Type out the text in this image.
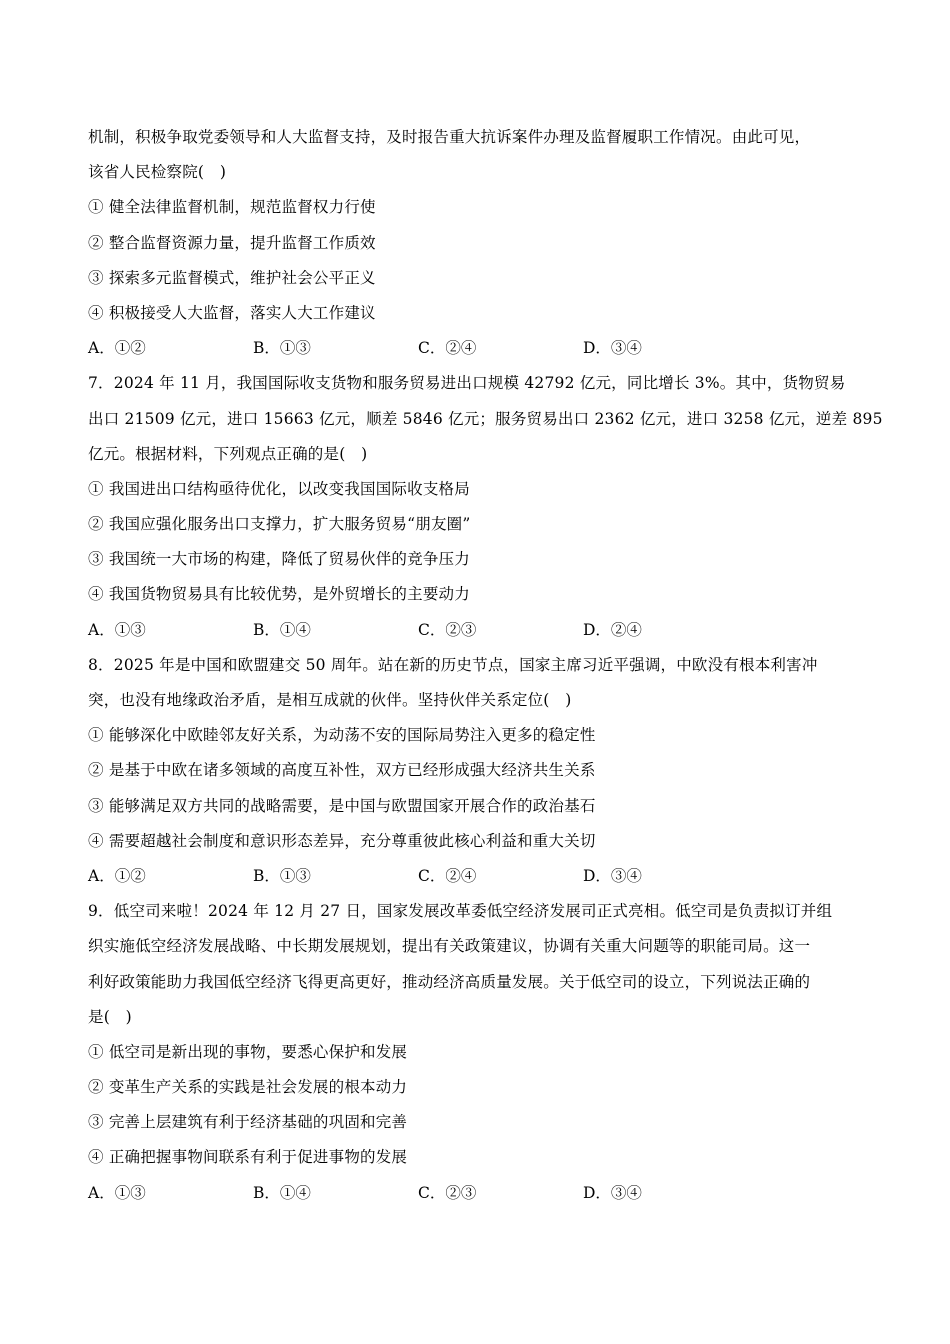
机制，积极争取党委领导和人大监督支持，及时报告重大抗诉案件办理及监督履职工作情况。由此可见，
该省人民检察院(　)
① 健全法律监督机制，规范监督权力行使
② 整合监督资源力量，提升监督工作质效
③ 探索多元监督模式，维护社会公平正义
④ 积极接受人大监督，落实人大工作建议
A．①②	B．①③	C．②④	D．③④
7．2024 年 11 月，我国国际收支货物和服务贸易进出口规模 42792 亿元，同比增长 3%。其中，货物贸易
出口 21509 亿元，进口 15663 亿元，顺差 5846 亿元；服务贸易出口 2362 亿元，进口 3258 亿元，逆差 895
亿元。根据材料，下列观点正确的是(　)
① 我国进出口结构亟待优化，以改变我国国际收支格局
② 我国应强化服务出口支撑力，扩大服务贸易“朋友圈”
③ 我国统一大市场的构建，降低了贸易伙伴的竞争压力
④ 我国货物贸易具有比较优势，是外贸增长的主要动力
A．①③	B．①④	C．②③	D．②④
8．2025 年是中国和欧盟建交 50 周年。站在新的历史节点，国家主席习近平强调，中欧没有根本利害冲
突，也没有地缘政治矛盾，是相互成就的伙伴。坚持伙伴关系定位(　)
① 能够深化中欧睦邻友好关系，为动荡不安的国际局势注入更多的稳定性
② 是基于中欧在诸多领域的高度互补性，双方已经形成强大经济共生关系
③ 能够满足双方共同的战略需要，是中国与欧盟国家开展合作的政治基石
④ 需要超越社会制度和意识形态差异，充分尊重彼此核心利益和重大关切
A．①②	B．①③	C．②④	D．③④
9．低空司来啦！2024 年 12 月 27 日，国家发展改革委低空经济发展司正式亮相。低空司是负责拟订并组
织实施低空经济发展战略、中长期发展规划，提出有关政策建议，协调有关重大问题等的职能司局。这一
利好政策能助力我国低空经济飞得更高更好，推动经济高质量发展。关于低空司的设立，下列说法正确的
是(　)
① 低空司是新出现的事物，要悉心保护和发展
② 变革生产关系的实践是社会发展的根本动力
③ 完善上层建筑有利于经济基础的巩固和完善
④ 正确把握事物间联系有利于促进事物的发展
A．①③	B．①④	C．②③	D．③④
